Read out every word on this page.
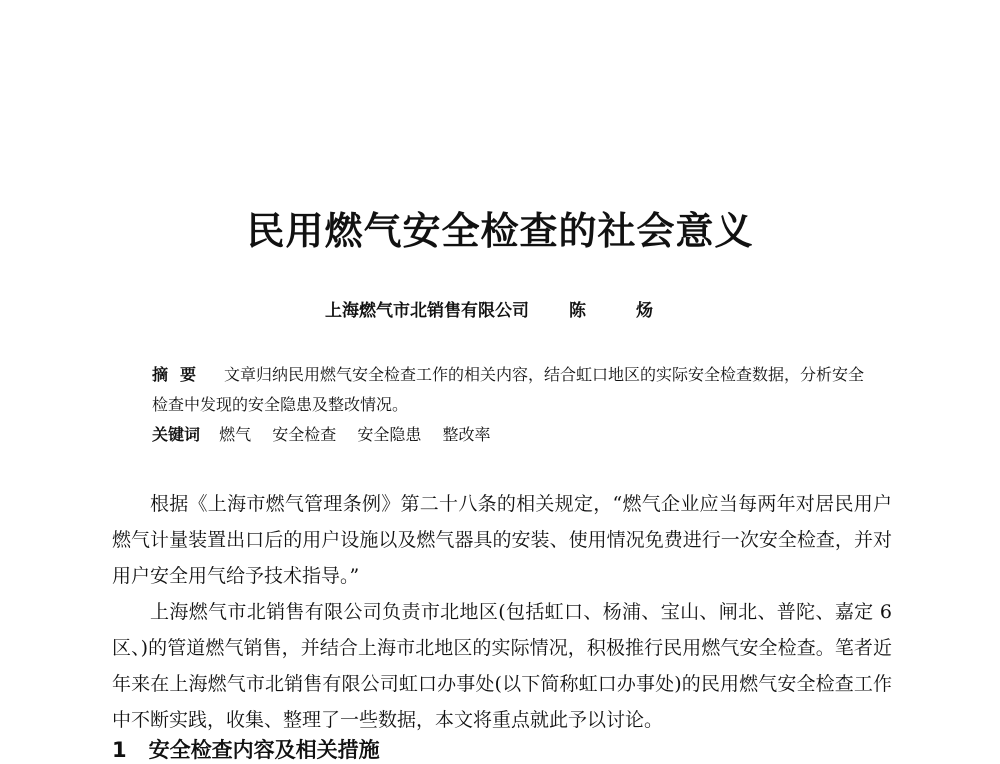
民用燃气安全检查的社会意义
上海燃气市北销售有限公司 陈 炀
摘要 文章归纳民用燃气安全检查工作的相关内容，结合虹口地区的实际安全检查数据，分析安全检查中发现的安全隐患及整改情况。
关键词 燃气 安全检查 安全隐患 整改率

根据《上海市燃气管理条例》第二十八条的相关规定，“燃气企业应当每两年对居民用户燃气计量装置出口后的用户设施以及燃气器具的安装、使用情况免费进行一次安全检查，并对用户安全用气给予技术指导。”

上海燃气市北销售有限公司负责市北地区(包括虹口、杨浦、宝山、闸北、普陀、嘉定 6 区、)的管道燃气销售，并结合上海市北地区的实际情况，积极推行民用燃气安全检查。笔者近年来在上海燃气市北销售有限公司虹口办事处(以下简称虹口办事处)的民用燃气安全检查工作中不断实践，收集、整理了一些数据，本文将重点就此予以讨论。

1 安全检查内容及相关措施
